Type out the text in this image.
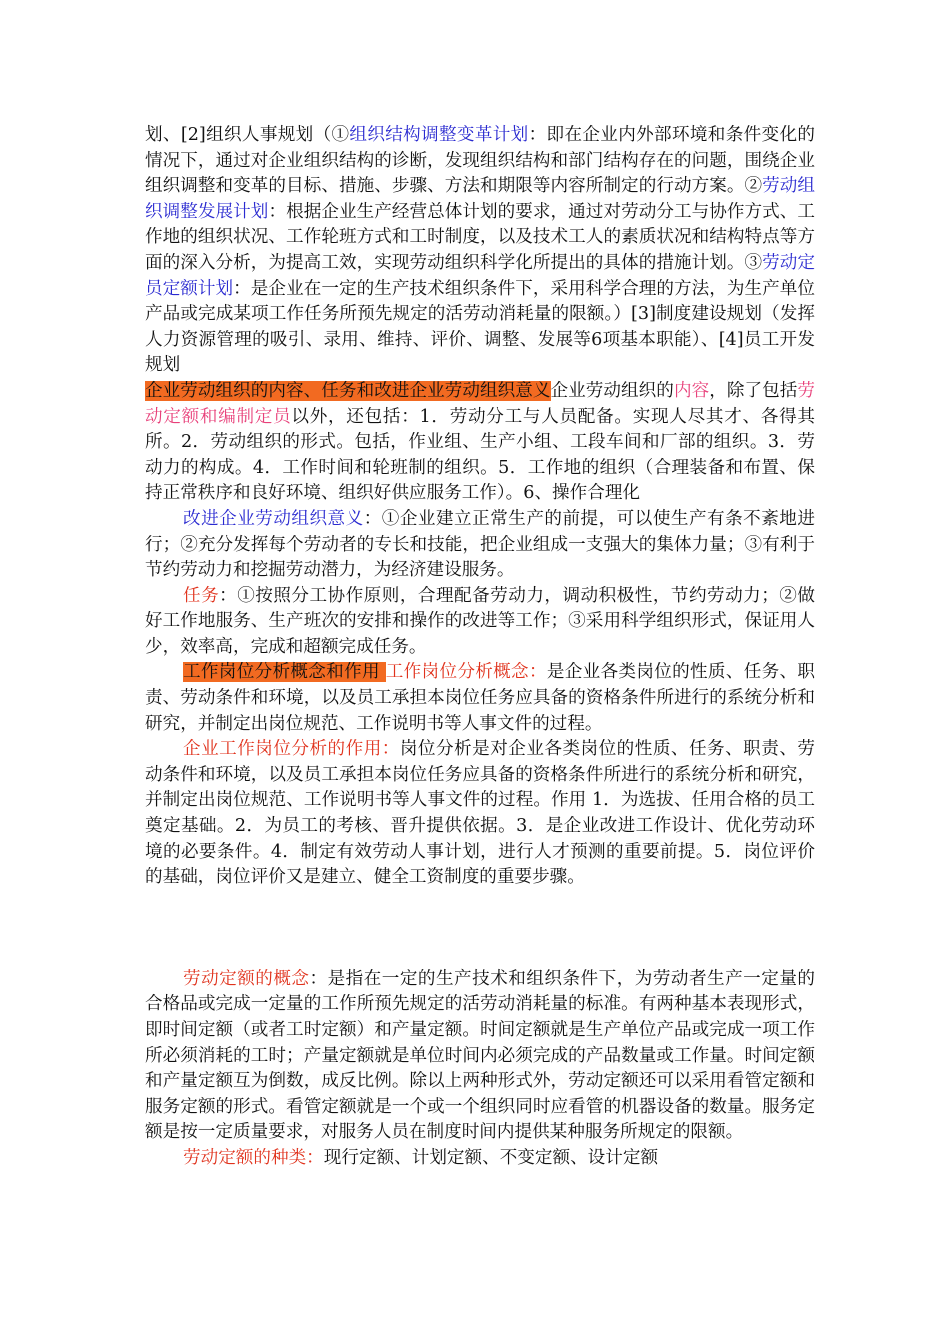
划、[2]组织人事规划（①组织结构调整变革计划：即在企业内外部环境和条件变化的情况下，通过对企业组织结构的诊断，发现组织结构和部门结构存在的问题，围绕企业组织调整和变革的目标、措施、步骤、方法和期限等内容所制定的行动方案。②劳动组织调整发展计划：根据企业生产经营总体计划的要求，通过对劳动分工与协作方式、工作地的组织状况、工作轮班方式和工时制度，以及技术工人的素质状况和结构特点等方面的深入分析，为提高工效，实现劳动组织科学化所提出的具体的措施计划。③劳动定员定额计划：是企业在一定的生产技术组织条件下，采用科学合理的方法，为生产单位产品或完成某项工作任务所预先规定的活劳动消耗量的限额。）[3]制度建设规划（发挥人力资源管理的吸引、录用、维持、评价、调整、发展等6项基本职能）、[4]员工开发规划

企业劳动组织的内容、任务和改进企业劳动组织意义企业劳动组织的内容，除了包括劳动定额和编制定员以外，还包括：1．劳动分工与人员配备。实现人尽其才、各得其所。2．劳动组织的形式。包括，作业组、生产小组、工段车间和厂部的组织。3．劳动力的构成。4．工作时间和轮班制的组织。5．工作地的组织（合理装备和布置、保持正常秩序和良好环境、组织好供应服务工作）。6、操作合理化

改进企业劳动组织意义：①企业建立正常生产的前提，可以使生产有条不紊地进行；②充分发挥每个劳动者的专长和技能，把企业组成一支强大的集体力量；③有利于节约劳动力和挖掘劳动潜力，为经济建设服务。

任务：①按照分工协作原则，合理配备劳动力，调动积极性，节约劳动力；②做好工作地服务、生产班次的安排和操作的改进等工作；③采用科学组织形式，保证用人少，效率高，完成和超额完成任务。

工作岗位分析概念和作用 工作岗位分析概念：是企业各类岗位的性质、任务、职责、劳动条件和环境，以及员工承担本岗位任务应具备的资格条件所进行的系统分析和研究，并制定出岗位规范、工作说明书等人事文件的过程。

企业工作岗位分析的作用：岗位分析是对企业各类岗位的性质、任务、职责、劳动条件和环境，以及员工承担本岗位任务应具备的资格条件所进行的系统分析和研究，并制定出岗位规范、工作说明书等人事文件的过程。作用 1．为选拔、任用合格的员工奠定基础。2．为员工的考核、晋升提供依据。3．是企业改进工作设计、优化劳动环境的必要条件。4．制定有效劳动人事计划，进行人才预测的重要前提。5．岗位评价的基础，岗位评价又是建立、健全工资制度的重要步骤。

劳动定额的概念：是指在一定的生产技术和组织条件下，为劳动者生产一定量的合格品或完成一定量的工作所预先规定的活劳动消耗量的标准。有两种基本表现形式，即时间定额（或者工时定额）和产量定额。时间定额就是生产单位产品或完成一项工作所必须消耗的工时；产量定额就是单位时间内必须完成的产品数量或工作量。时间定额和产量定额互为倒数，成反比例。除以上两种形式外，劳动定额还可以采用看管定额和服务定额的形式。看管定额就是一个或一个组织同时应看管的机器设备的数量。服务定额是按一定质量要求，对服务人员在制度时间内提供某种服务所规定的限额。

劳动定额的种类：现行定额、计划定额、不变定额、设计定额
